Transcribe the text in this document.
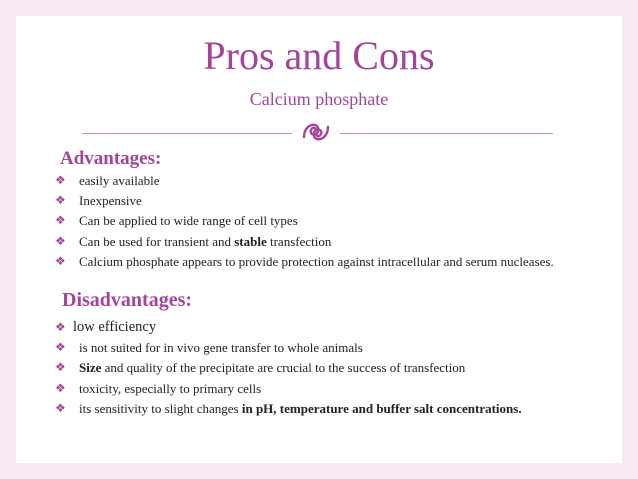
Pros and Cons
Calcium phosphate
Advantages:
❖ easily available
❖ Inexpensive
❖ Can be applied to wide range of cell types
❖ Can be used for transient and stable transfection
❖ Calcium phosphate appears to provide protection against intracellular and serum nucleases.
Disadvantages:
❖ low efficiency
❖ is not suited for in vivo gene transfer to whole animals
❖ Size and quality of the precipitate are crucial to the success of transfection
❖ toxicity, especially to primary cells
❖ its sensitivity to slight changes in pH, temperature and buffer salt concentrations.
